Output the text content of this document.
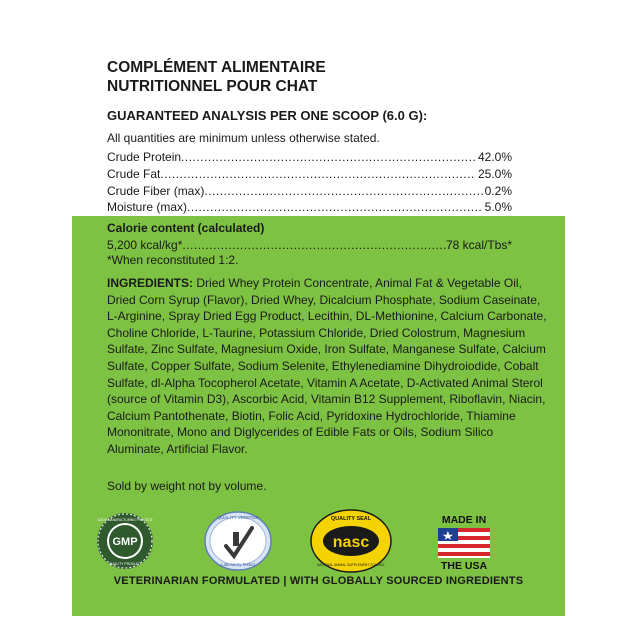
COMPLÉMENT ALIMENTAIRE
NUTRITIONNEL POUR CHAT
GUARANTEED ANALYSIS PER ONE SCOOP (6.0 G):
All quantities are minimum unless otherwise stated.
Crude Protein .....	42.0%
Crude Fat .....	25.0%
Crude Fiber (max) .....	0.2%
Moisture (max) .....	5.0%
Calorie content (calculated)
5,200 kcal/kg* .....	78 kcal/Tbs*
*When reconstituted 1:2.
INGREDIENTS: Dried Whey Protein Concentrate, Animal Fat & Vegetable Oil, Dried Corn Syrup (Flavor), Dried Whey, Dicalcium Phosphate, Sodium Caseinate, L-Arginine, Spray Dried Egg Product, Lecithin, DL-Methionine, Calcium Carbonate, Choline Chloride, L-Taurine, Potassium Chloride, Dried Colostrum, Magnesium Sulfate, Zinc Sulfate, Magnesium Oxide, Iron Sulfate, Manganese Sulfate, Calcium Sulfate, Copper Sulfate, Sodium Selenite, Ethylenediamine Dihydroiodide, Cobalt Sulfate, dl-Alpha Tocopherol Acetate, Vitamin A Acetate, D-Activated Animal Sterol (source of Vitamin D3), Ascorbic Acid, Vitamin B12 Supplement, Riboflavin, Niacin, Calcium Pantothenate, Biotin, Folic Acid, Pyridoxine Hydrochloride, Thiamine Mononitrate, Mono and Diglycerides of Edible Fats or Oils, Sodium Silico Aluminate, Artificial Flavor.
Sold by weight not by volume.
GMP
GOOD MANUFACTURING PRACTICE
QUALITY PRODUCT
QUALITY VERIFIED
Laboratory Tested
nasc
QUALITY SEAL
NATIONAL ANIMAL SUPPLEMENT COUNCIL
MADE IN
THE USA
VETERINARIAN FORMULATED | WITH GLOBALLY SOURCED INGREDIENTS
